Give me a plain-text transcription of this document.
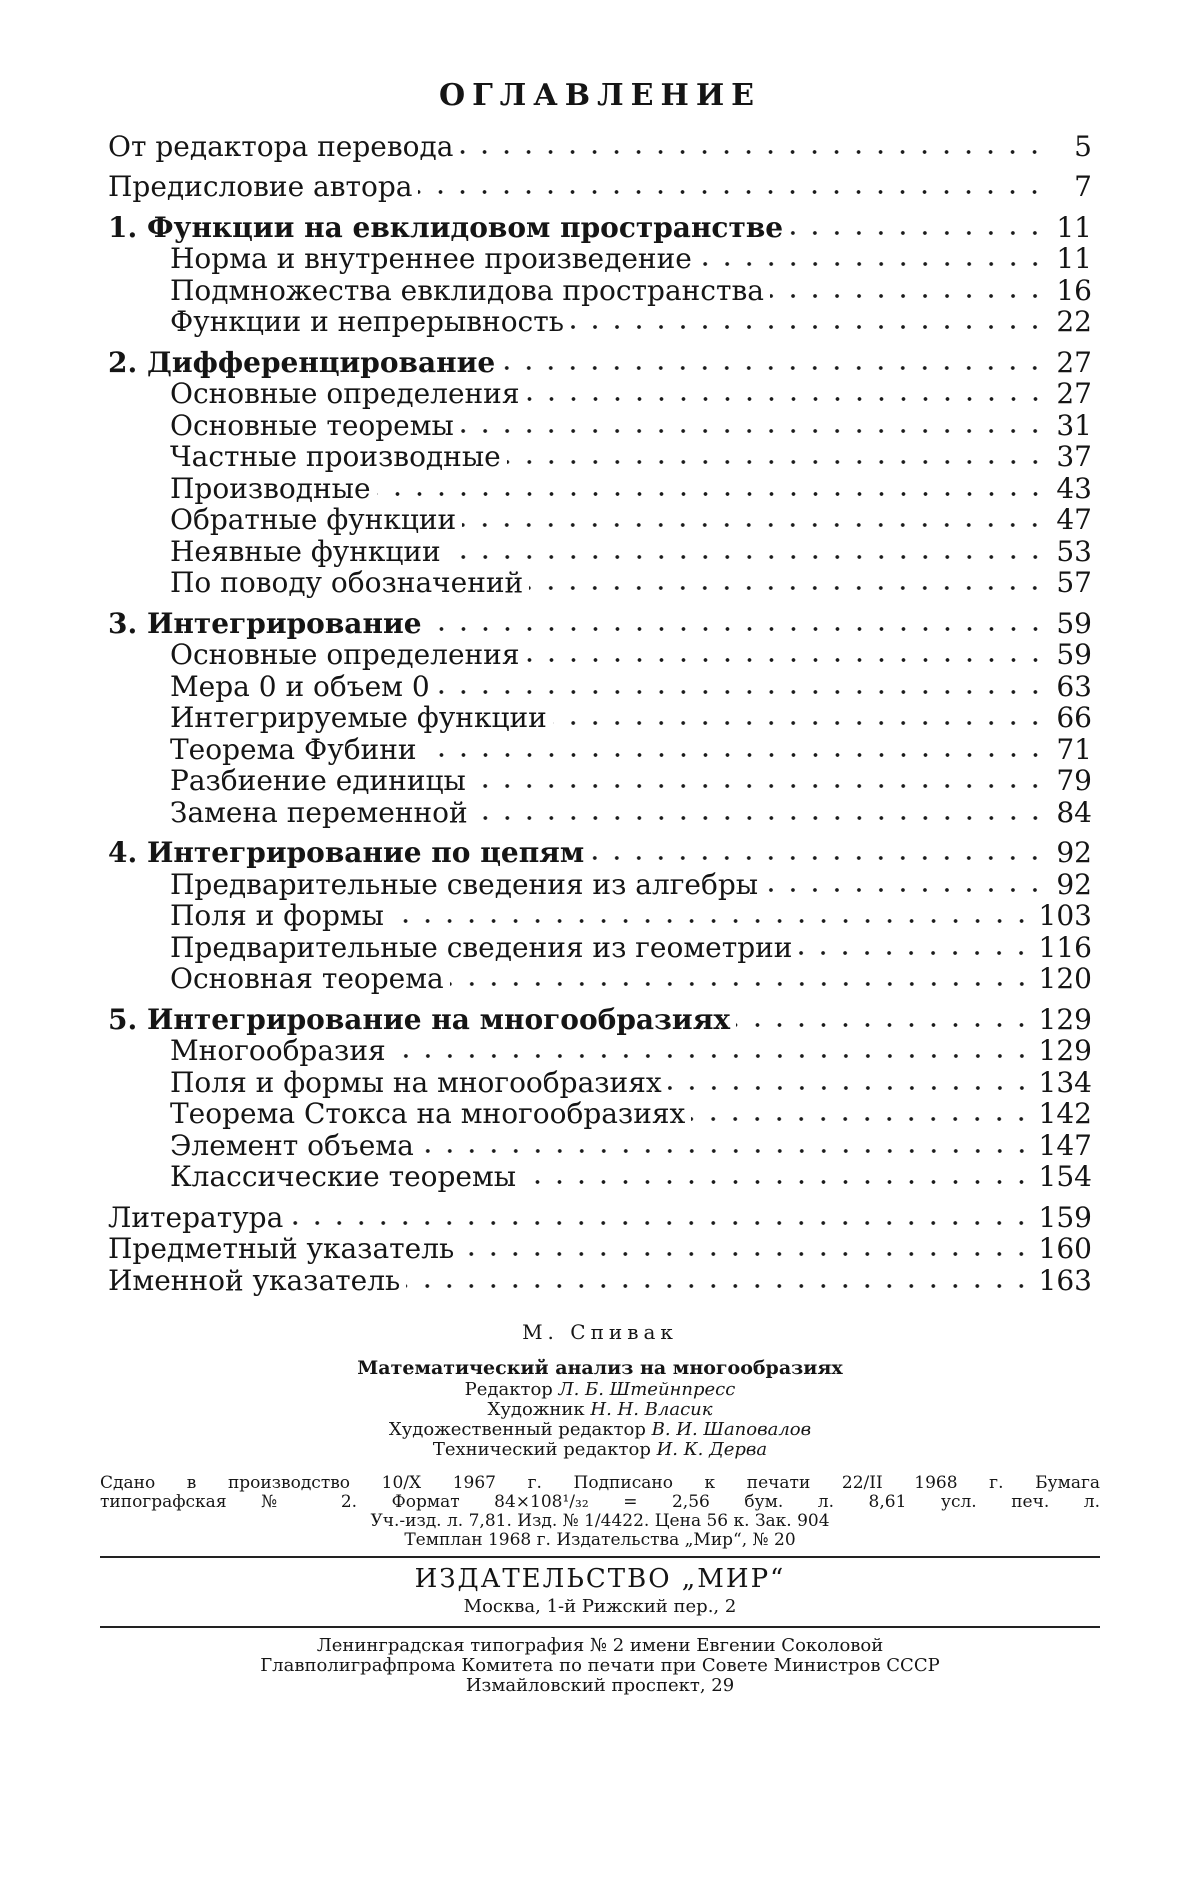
ОГЛАВЛЕНИЕ
От редактора перевода	5
Предисловие автора	7
1. Функции на евклидовом пространстве	11
Норма и внутреннее произведение	11
Подмножества евклидова пространства	16
Функции и непрерывность	22
2. Дифференцирование	27
Основные определения	27
Основные теоремы	31
Частные производные	37
Производные	43
Обратные функции	47
Неявные функции	53
По поводу обозначений	57
3. Интегрирование	59
Основные определения	59
Мера 0 и объем 0	63
Интегрируемые функции	66
Теорема Фубини	71
Разбиение единицы	79
Замена переменной	84
4. Интегрирование по цепям	92
Предварительные сведения из алгебры	92
Поля и формы	103
Предварительные сведения из геометрии	116
Основная теорема	120
5. Интегрирование на многообразиях	129
Многообразия	129
Поля и формы на многообразиях	134
Теорема Стокса на многообразиях	142
Элемент объема	147
Классические теоремы	154
Литература	159
Предметный указатель	160
Именной указатель	163
М. Спивак
Математический анализ на многообразиях
Редактор Л. Б. Штейнпресс
Художник Н. Н. Власик
Художественный редактор В. И. Шаповалов
Технический редактор И. К. Дерва
Сдано в производство 10/X 1967 г. Подписано к печати 22/II 1968 г. Бумага
типографская № 2. Формат 84×108¹/₃₂ = 2,56 бум. л. 8,61 усл. печ. л.
Уч.-изд. л. 7,81. Изд. № 1/4422. Цена 56 к. Зак. 904
Темплан 1968 г. Издательства „Мир“, № 20
ИЗДАТЕЛЬСТВО „МИР“
Москва, 1-й Рижский пер., 2
Ленинградская типография № 2 имени Евгении Соколовой
Главполиграфпрома Комитета по печати при Совете Министров СССР
Измайловский проспект, 29
